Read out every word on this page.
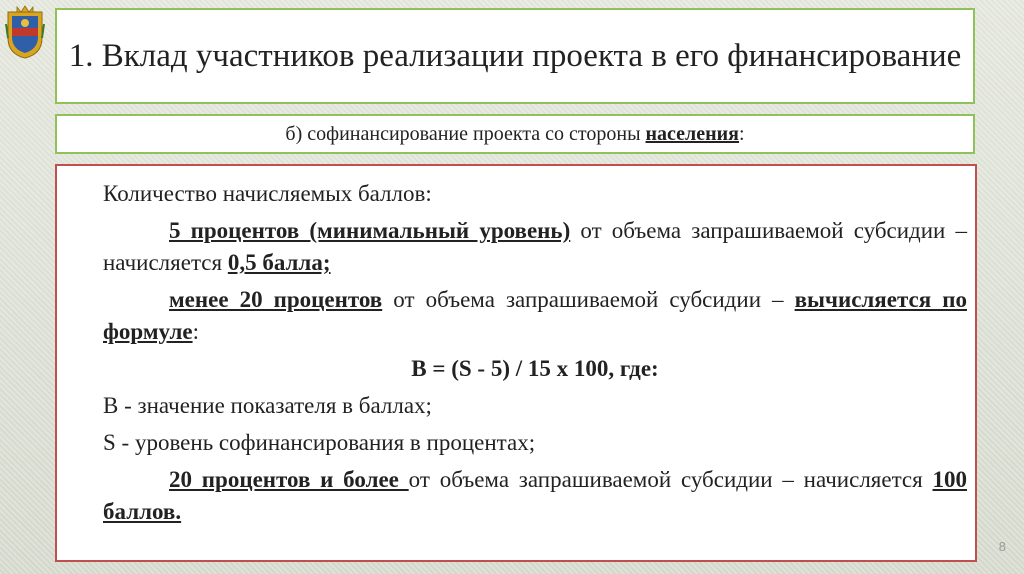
1. Вклад участников реализации проекта в его финансирование
б) софинансирование проекта со стороны населения:

Количество начисляемых баллов:

5 процентов (минимальный уровень) от объема запрашиваемой субсидии – начисляется 0,5 балла;

менее 20 процентов от объема запрашиваемой субсидии – вычисляется по формуле:

B = (S - 5) / 15 x 100, где:

B - значение показателя в баллах;

S - уровень софинансирования в процентах;

20 процентов и более от объема запрашиваемой субсидии – начисляется 100 баллов.

8
